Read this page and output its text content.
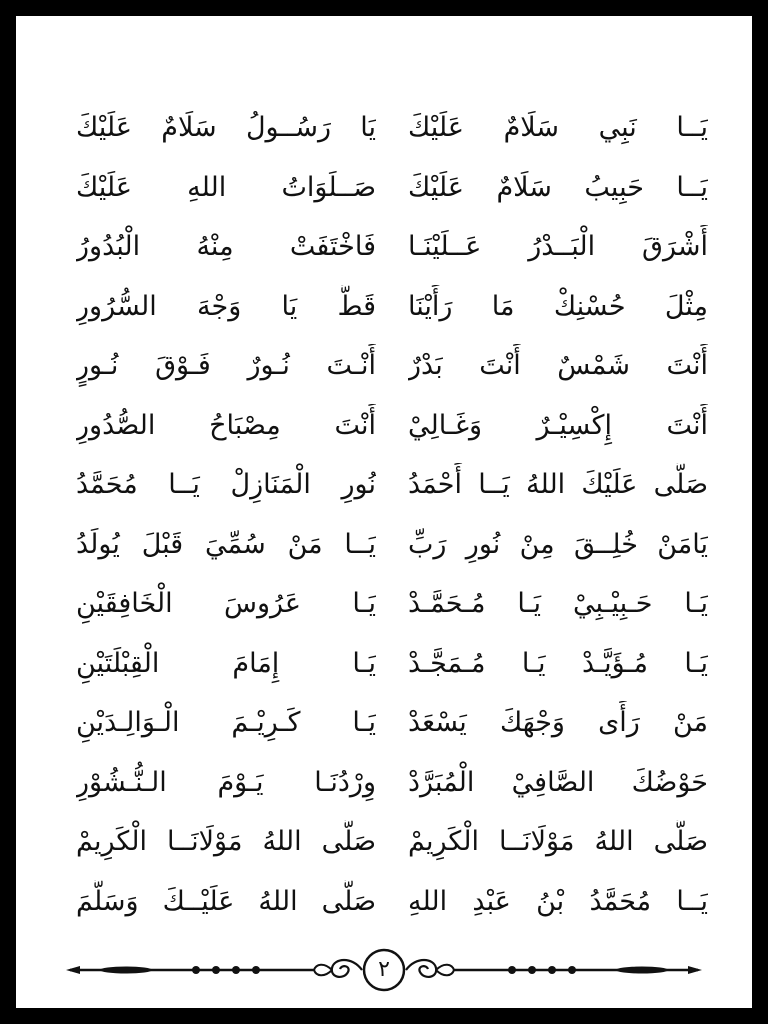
يَــا نَبِي سَلَامٌ عَلَيْكَ
يَا رَسُــولُ سَلَامٌ عَلَيْكَ
يَــا حَبِيبُ سَلَامٌ عَلَيْكَ
صَــلَوَاتُ اللهِ عَلَيْكَ
أَشْرَقَ الْبَــدْرُ عَــلَيْنَـا
فَاخْتَفَتْ مِنْهُ الْبُدُورُ
مِثْلَ حُسْنِكْ مَا رَأَيْنَا
قَطُّ يَا وَجْهَ السُّرُورِ
أَنْتَ شَمْسٌ أَنْتَ بَدْرٌ
أَنْـتَ نُـورٌ فَـوْقَ نُـورٍ
أَنْتَ إِكْسِيْـرٌ وَغَـالِيْ
أَنْتَ مِصْبَاحُ الصُّدُورِ
صَلَّى عَلَيْكَ اللهُ يَــا أَحْمَدُ
نُورِ الْمَنَازِلْ يَــا مُحَمَّدُ
يَامَنْ خُلِــقَ مِنْ نُورِ رَبِّ
يَــا مَنْ سُمِّيَ قَبْلَ يُولَدُ
يَـا حَـبِيْـبِيْ يَـا مُـحَمَّـدْ
يَـا عَرُوسَ الْخَافِقَيْنِ
يَـا مُـؤَيَّـدْ يَـا مُـمَجَّـدْ
يَـا إِمَامَ الْقِبْلَتَيْنِ
مَنْ رَأَى وَجْهَكَ يَسْعَدْ
يَـا كَـرِيْـمَ الْـوَالِـدَيْنِ
حَوْضُكَ الصَّافِيْ الْمُبَرَّدْ
وِرْدُنَـا يَـوْمَ الـنُّـشُوْرِ
صَلَّى اللهُ مَوْلَانَــا الْكَرِيمْ
صَلَّى اللهُ مَوْلَانَــا الْكَرِيمْ
يَــا مُحَمَّدُ بْنُ عَبْدِ اللهِ
صَلَّى اللهُ عَلَيْــكَ وَسَلَّمَ
٢
